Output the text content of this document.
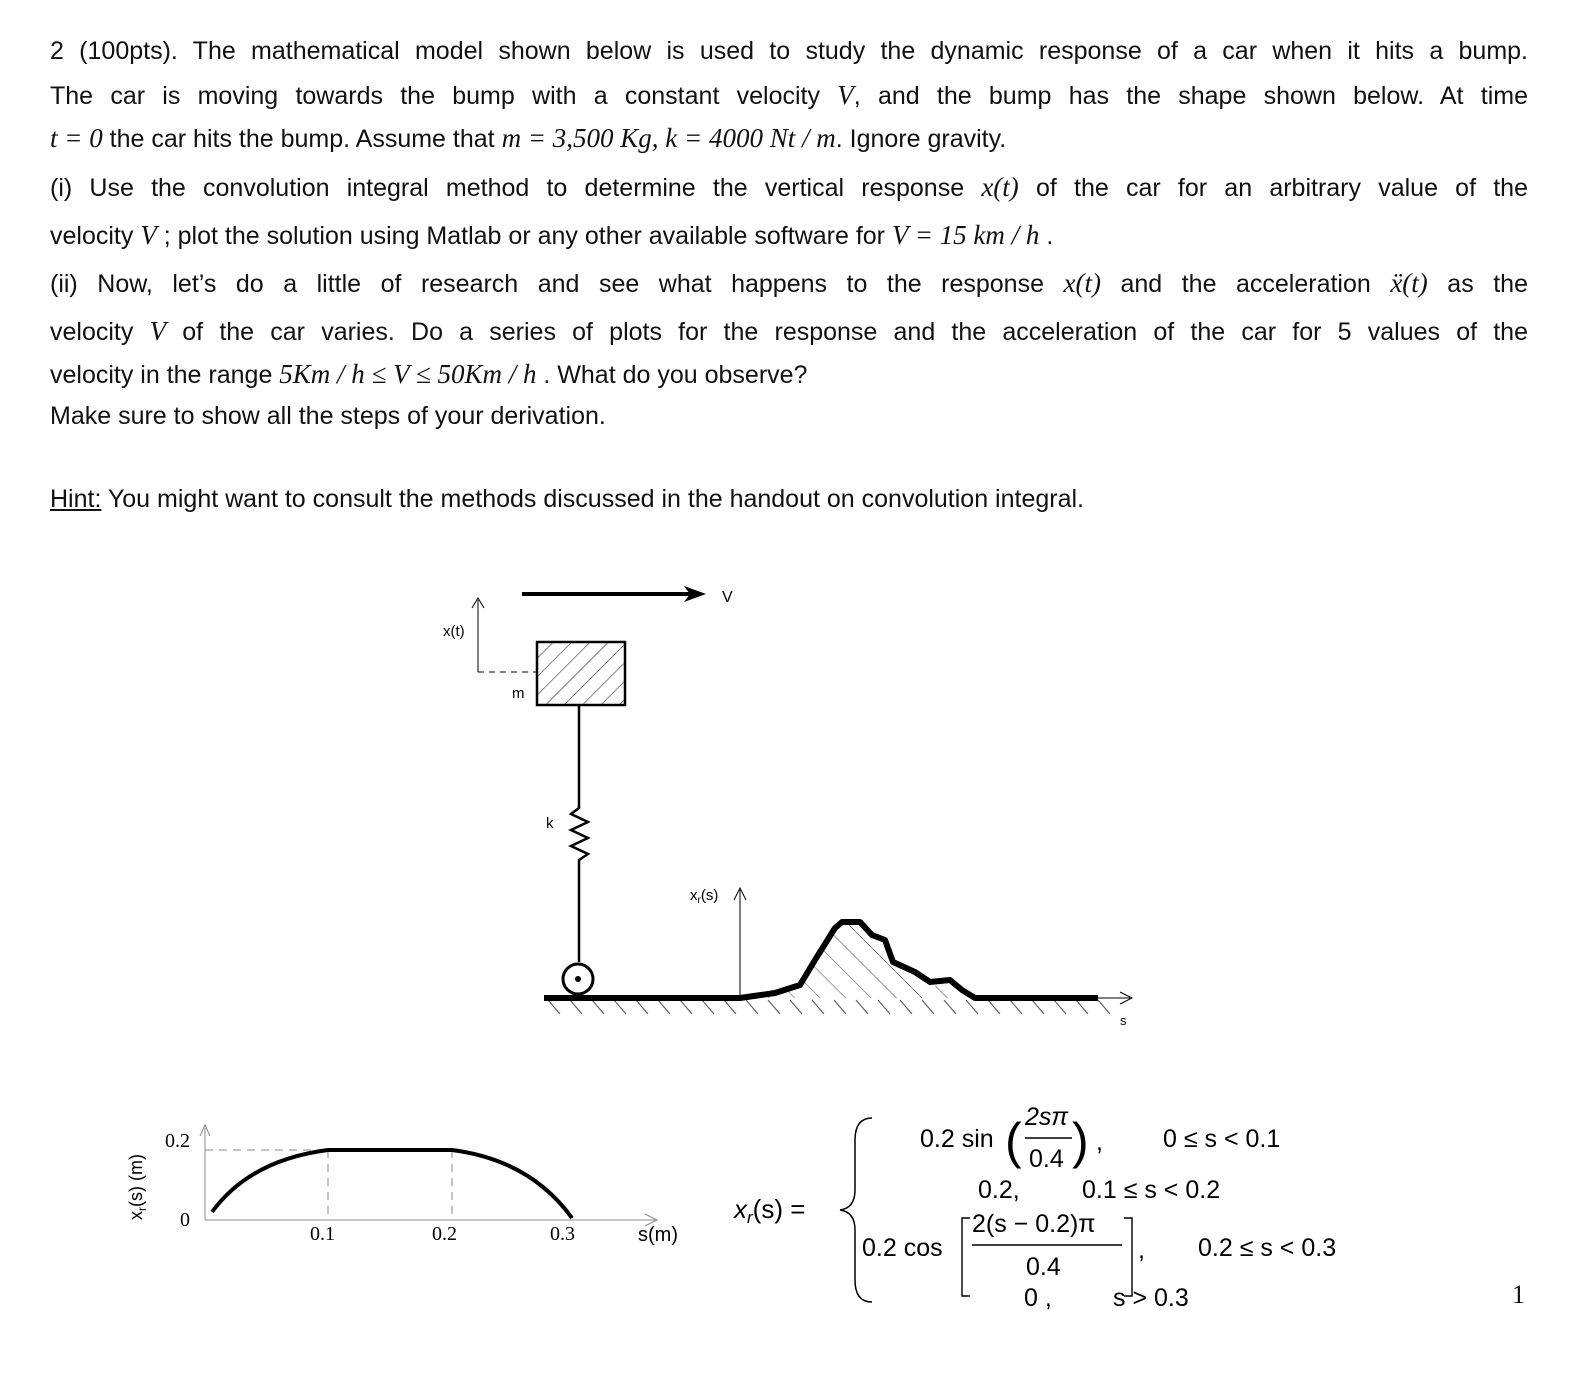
2 (100pts). The mathematical model shown below is used to study the dynamic response of a car when it hits a bump.
The car is moving towards the bump with a constant velocity V, and the bump has the shape shown below. At time
t = 0 the car hits the bump. Assume that m = 3,500 Kg, k = 4000 Nt / m. Ignore gravity.
(i) Use the convolution integral method to determine the vertical response x(t) of the car for an arbitrary value of the
velocity V ; plot the solution using Matlab or any other available software for V = 15 km / h .
(ii) Now, let’s do a little of research and see what happens to the response x(t) and the acceleration ẍ(t) as the
velocity V of the car varies. Do a series of plots for the response and the acceleration of the car for 5 values of the
velocity in the range 5Km / h ≤ V ≤ 50Km / h . What do you observe?
Make sure to show all the steps of your derivation.
Hint: You might want to consult the methods discussed in the handout on convolution integral.
V
x(t)
m
k
s
$x_r(s)$
0.2
0
0.1	0.2	0.3	s(m)
$x_r(s)$ (m)
xr(s) =
0.2 sin ( 2sπ
0.4 ) , 0 ≤ s < 0.1
0.2, 0.1 ≤ s < 0.2
0.2 cos
2(s − 0.2)π
0.4
, 0.2 ≤ s < 0.3
0 , s > 0.3	1
